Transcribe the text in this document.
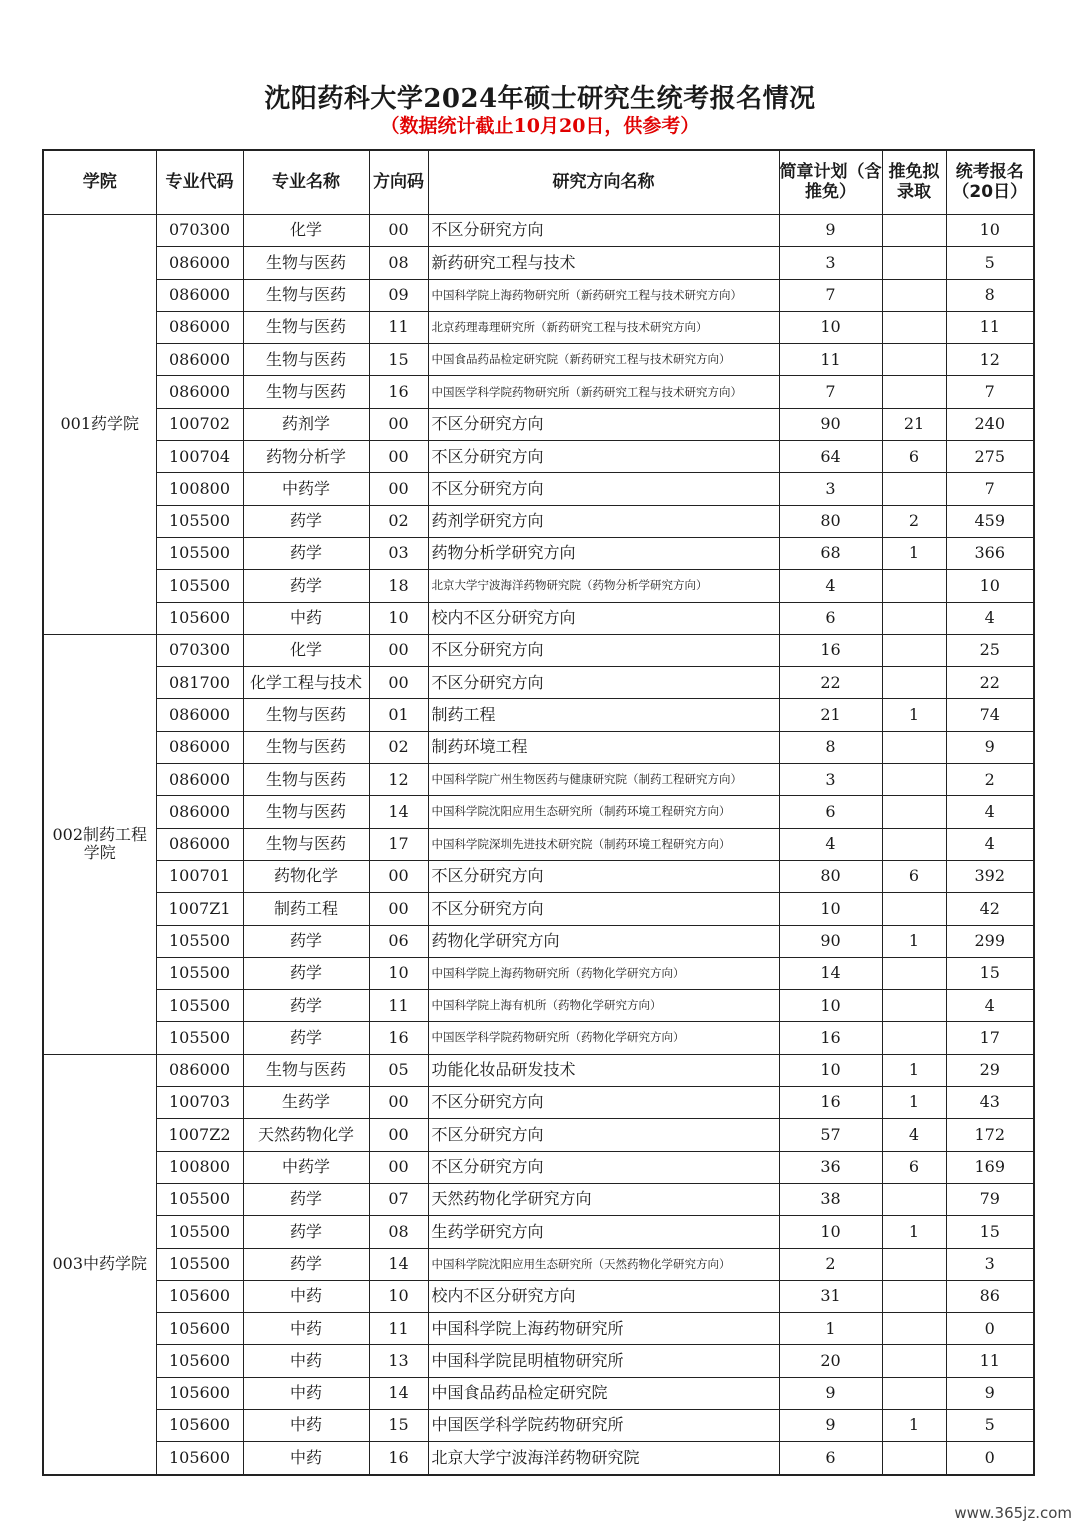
沈阳药科大学2024年硕士研究生统考报名情况
（数据统计截止10月20日，供参考）
学院	专业代码	专业名称	方向码	研究方向名称	简章计划（含推免）	推免拟录取	统考报名（20日）
001药学院	070300	化学	00	不区分研究方向	9		10
	086000	生物与医药	08	新药研究工程与技术	3		5
	086000	生物与医药	09	中国科学院上海药物研究所（新药研究工程与技术研究方向）	7		8
	086000	生物与医药	11	北京药理毒理研究所（新药研究工程与技术研究方向）	10		11
	086000	生物与医药	15	中国食品药品检定研究院（新药研究工程与技术研究方向）	11		12
	086000	生物与医药	16	中国医学科学院药物研究所（新药研究工程与技术研究方向）	7		7
	100702	药剂学	00	不区分研究方向	90	21	240
	100704	药物分析学	00	不区分研究方向	64	6	275
	100800	中药学	00	不区分研究方向	3		7
	105500	药学	02	药剂学研究方向	80	2	459
	105500	药学	03	药物分析学研究方向	68	1	366
	105500	药学	18	北京大学宁波海洋药物研究院（药物分析学研究方向）	4		10
	105600	中药	10	校内不区分研究方向	6		4
002制药工程学院	070300	化学	00	不区分研究方向	16		25
	081700	化学工程与技术	00	不区分研究方向	22		22
	086000	生物与医药	01	制药工程	21	1	74
	086000	生物与医药	02	制药环境工程	8		9
	086000	生物与医药	12	中国科学院广州生物医药与健康研究院（制药工程研究方向）	3		2
	086000	生物与医药	14	中国科学院沈阳应用生态研究所（制药环境工程研究方向）	6		4
	086000	生物与医药	17	中国科学院深圳先进技术研究院（制药环境工程研究方向）	4		4
	100701	药物化学	00	不区分研究方向	80	6	392
	1007Z1	制药工程	00	不区分研究方向	10		42
	105500	药学	06	药物化学研究方向	90	1	299
	105500	药学	10	中国科学院上海药物研究所（药物化学研究方向）	14		15
	105500	药学	11	中国科学院上海有机所（药物化学研究方向）	10		4
	105500	药学	16	中国医学科学院药物研究所（药物化学研究方向）	16		17
003中药学院	086000	生物与医药	05	功能化妆品研发技术	10	1	29
	100703	生药学	00	不区分研究方向	16	1	43
	1007Z2	天然药物化学	00	不区分研究方向	57	4	172
	100800	中药学	00	不区分研究方向	36	6	169
	105500	药学	07	天然药物化学研究方向	38		79
	105500	药学	08	生药学研究方向	10	1	15
	105500	药学	14	中国科学院沈阳应用生态研究所（天然药物化学研究方向）	2		3
	105600	中药	10	校内不区分研究方向	31		86
	105600	中药	11	中国科学院上海药物研究所	1		0
	105600	中药	13	中国科学院昆明植物研究所	20		11
	105600	中药	14	中国食品药品检定研究院	9		9
	105600	中药	15	中国医学科学院药物研究所	9	1	5
	105600	中药	16	北京大学宁波海洋药物研究院	6		0
www.365jz.com
